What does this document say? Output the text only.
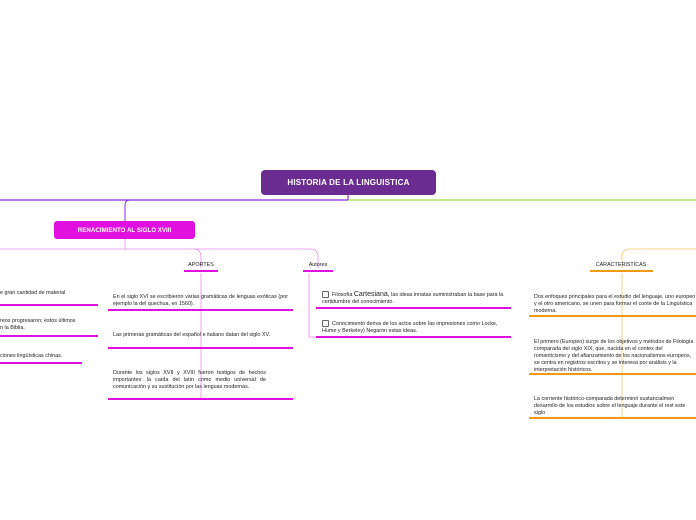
HISTORIA DE LA LINGUISTICA
RENACIMIENTO AL SIGLO XVIII
e gran cantidad de material
reos progresaron; éstos últimos
n la Biblia.
ciones lingüísticas chinas.
APORTES
En el siglo XVI se escribieron varias gramáticas de lenguas exóticas (por ejemplo la del quechua, en 1560).
Las primeras gramáticas del español e italiano datan del siglo XV.
Durante los siglos XVII y XVIII fueron testigos de hechos importantes: la caída del latín como medio universal de comunicación y su sustitución por las lenguas modernas.
Autores
Filosofía Cartesiana, las ideas innatas suministraban la base para la certidumbre del conocimiento.
Conocimiento deriva de los actos sobre las impresiones como Locke, Hume y Berkeley) Negaron estas ideas.
CARACTERISTÍCAS
Dos enfoques principales para el estudio del lenguaje, uno europeo y el otro americano, se unen para formar el conte de la Lingüística moderna.
El primero (Europeo) surge de los objetivos y métodos de Filología comparada del siglo XIX, que, nacida en el contex del romanticismo y del afianzamiento de los nacionalismos europeos, se centra en registros escritos y se interesa por análisis y la interpretación históricos.
La corriente histórico-comparada determinó sustancialmen desarrollo de los estudios sobre el lenguaje durante el rest este siglo
